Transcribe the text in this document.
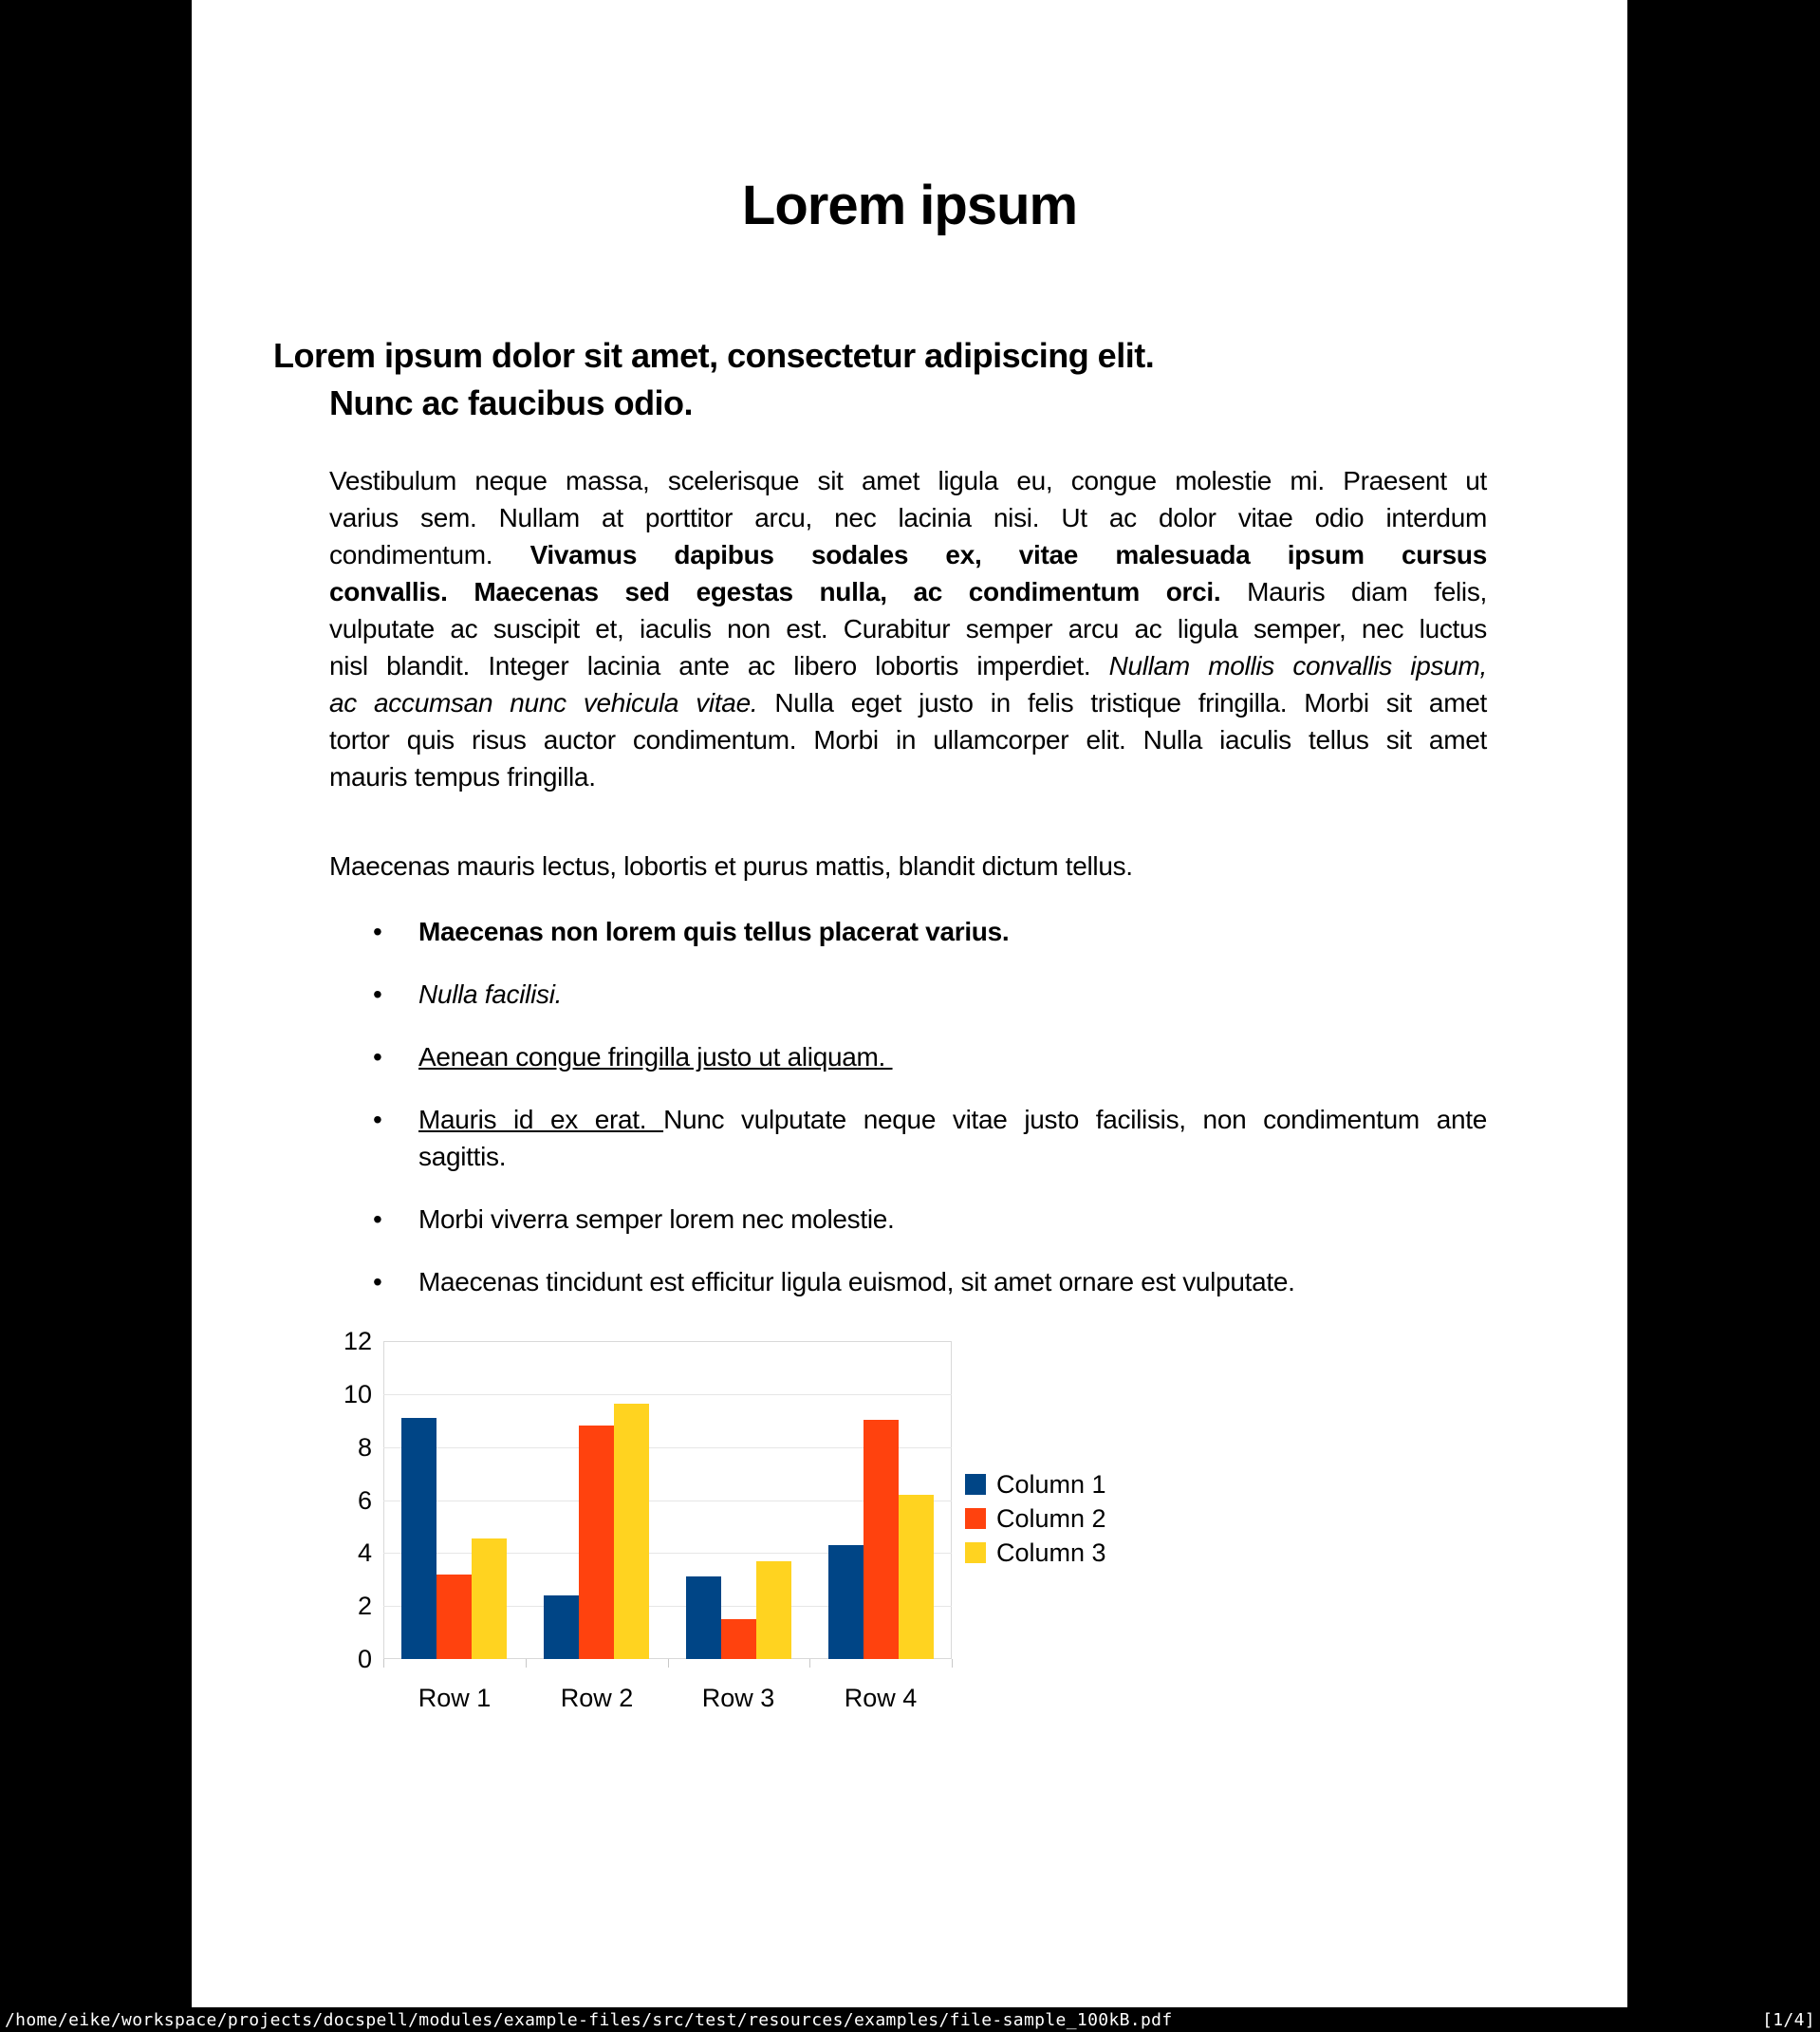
Lorem ipsum
Lorem ipsum dolor sit amet, consectetur adipiscing elit.
Nunc ac faucibus odio.
Vestibulum neque massa, scelerisque sit amet ligula eu, congue molestie mi. Praesent ut
varius sem. Nullam at porttitor arcu, nec lacinia nisi. Ut ac dolor vitae odio interdum
condimentum. Vivamus dapibus sodales ex, vitae malesuada ipsum cursus
convallis. Maecenas sed egestas nulla, ac condimentum orci. Mauris diam felis,
vulputate ac suscipit et, iaculis non est. Curabitur semper arcu ac ligula semper, nec luctus
nisl blandit. Integer lacinia ante ac libero lobortis imperdiet. Nullam mollis convallis ipsum,
ac accumsan nunc vehicula vitae. Nulla eget justo in felis tristique fringilla. Morbi sit amet
tortor quis risus auctor condimentum. Morbi in ullamcorper elit. Nulla iaculis tellus sit amet
mauris tempus fringilla.
Maecenas mauris lectus, lobortis et purus mattis, blandit dictum tellus.
• Maecenas non lorem quis tellus placerat varius.
• Nulla facilisi.
• Aenean congue fringilla justo ut aliquam.
• Mauris id ex erat. Nunc vulputate neque vitae justo facilisis, non condimentum ante
sagittis.
• Morbi viverra semper lorem nec molestie.
• Maecenas tincidunt est efficitur ligula euismod, sit amet ornare est vulputate.
0
2
4
6
8
10
12
Row 1	Row 2	Row 3	Row 4
Column 1
Column 2
Column 3
/home/eike/workspace/projects/docspell/modules/example-files/src/test/resources/examples/file-sample_100kB.pdf	[1/4]
